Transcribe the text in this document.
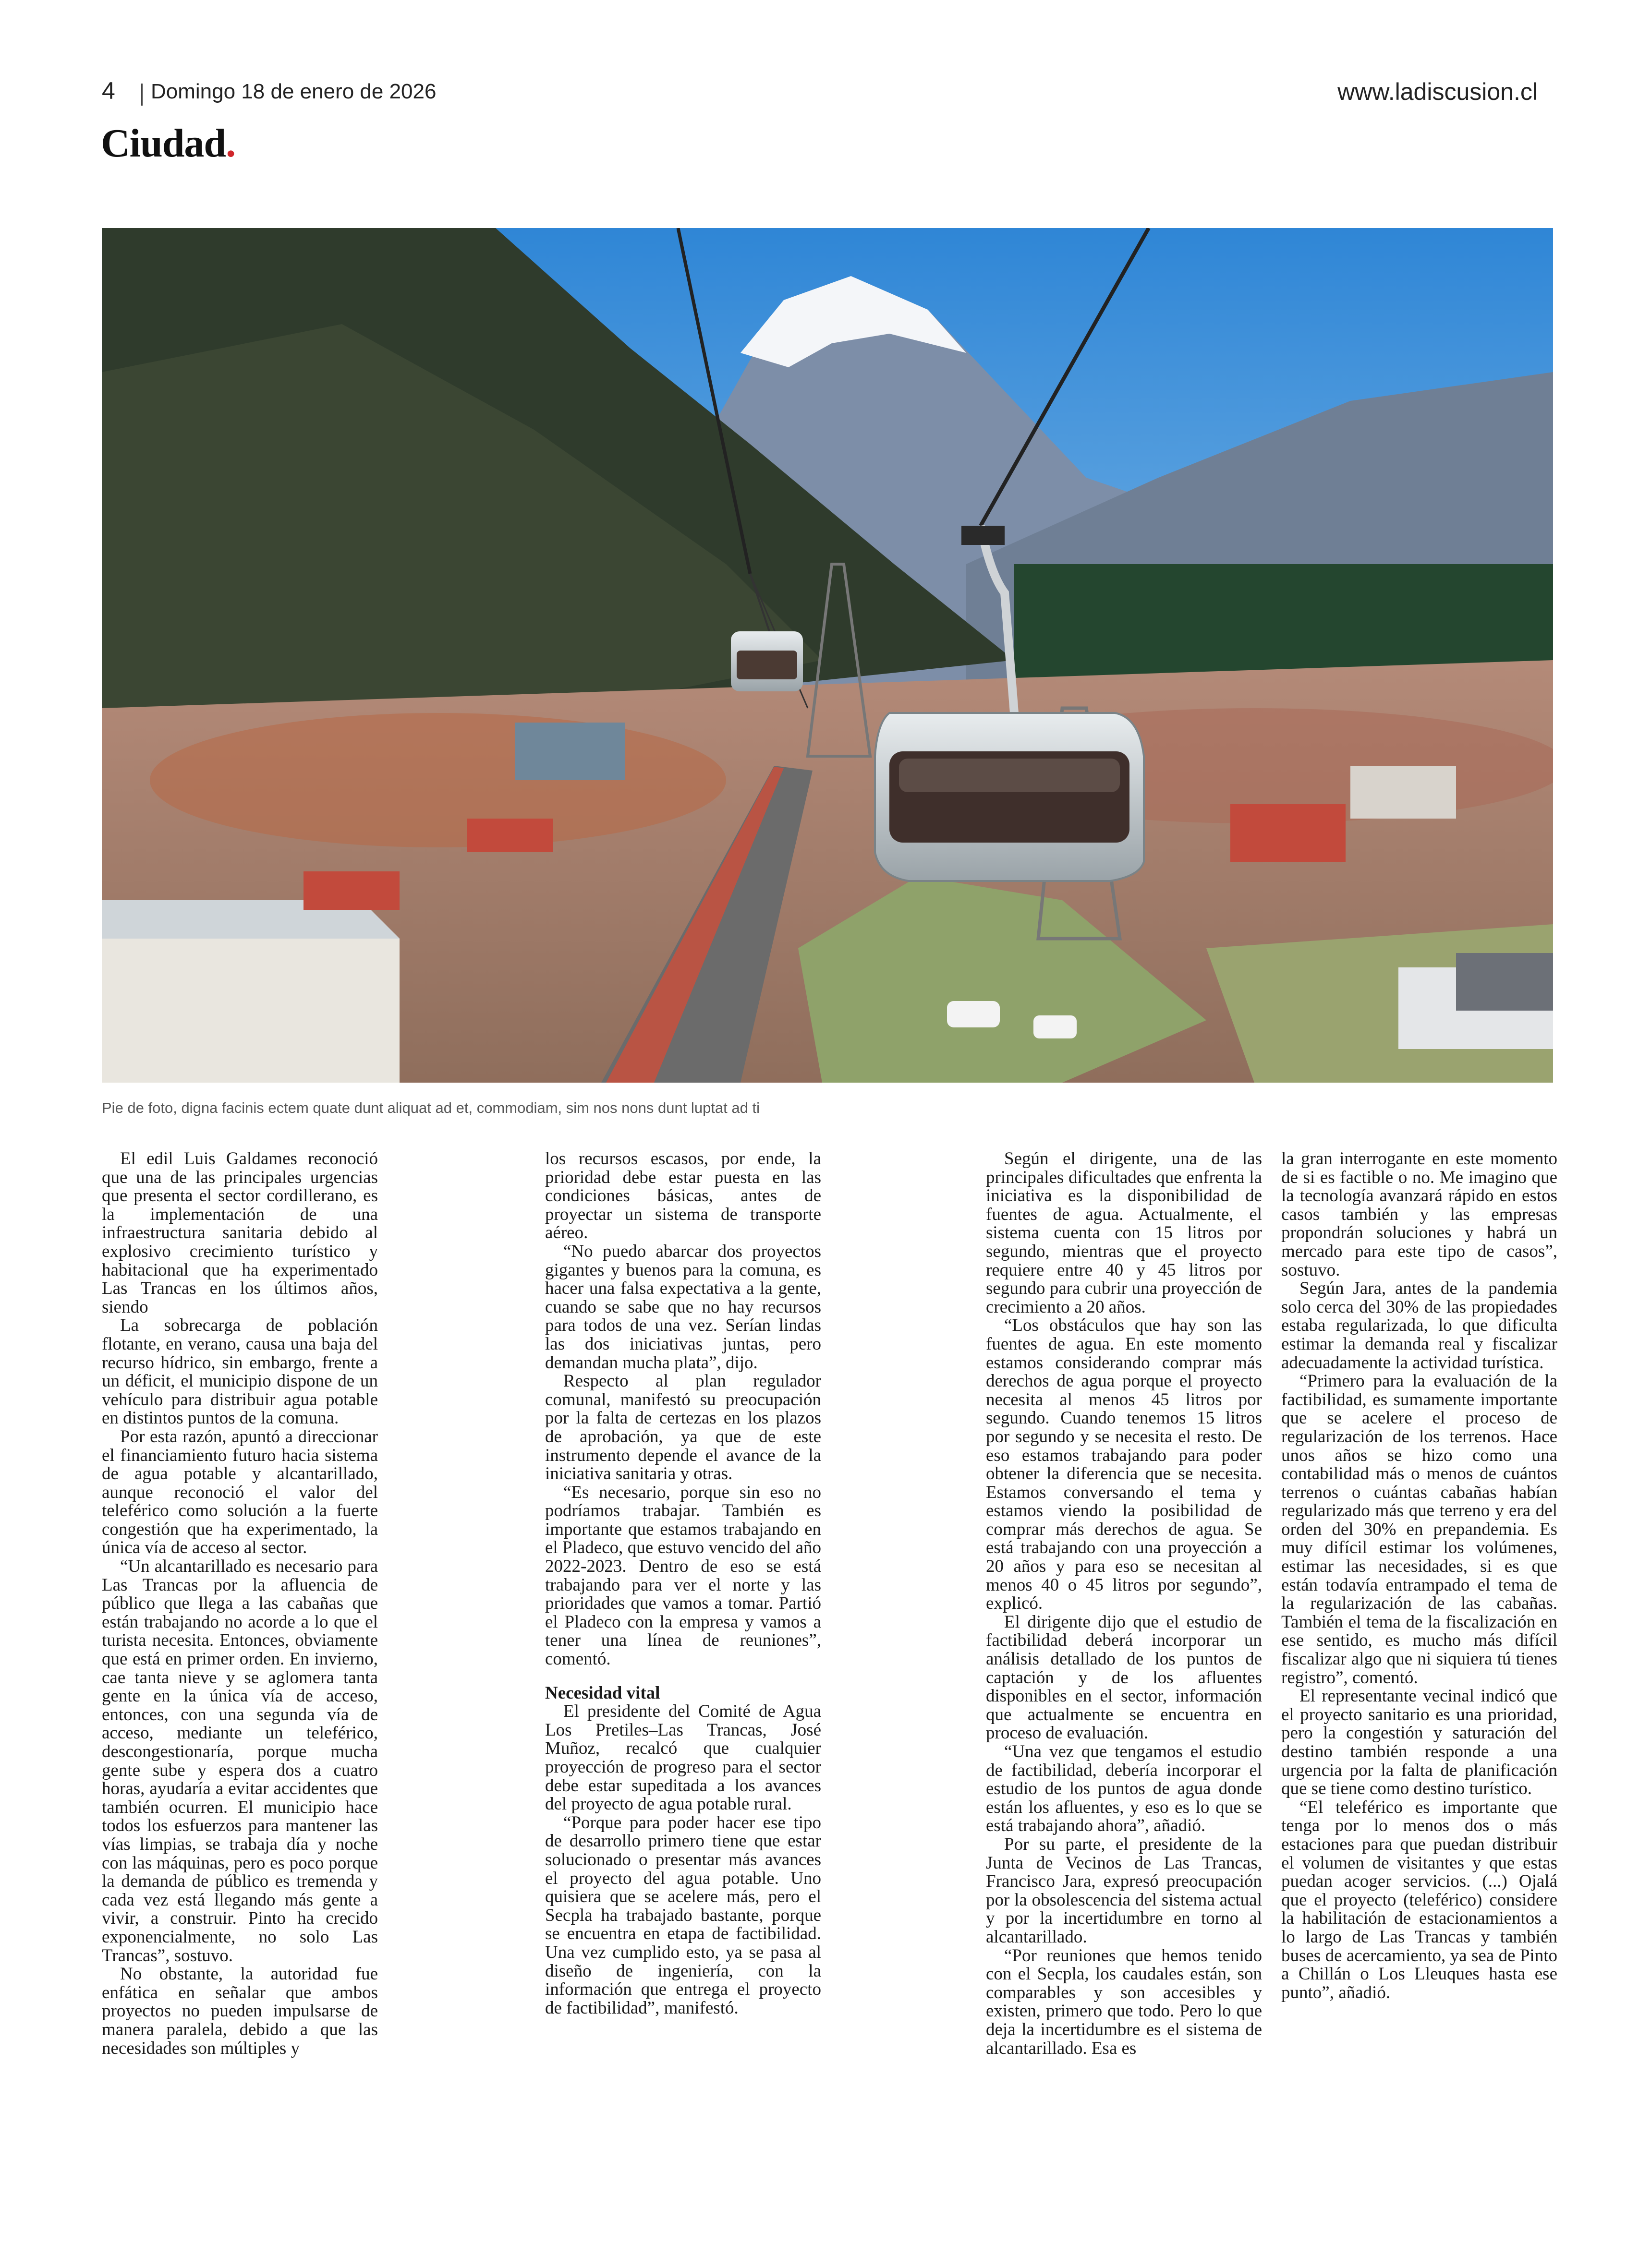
4 Domingo 18 de enero de 2026	www.ladiscusion.cl
Ciudad.
Pie de foto, digna facinis ectem quate dunt aliquat ad et, commodiam, sim nos nons dunt luptat ad ti

El edil Luis Galdames reconoció que una de las principales urgencias que presenta el sector cordillerano, es la implementación de una infraestructura sanitaria debido al explosivo crecimiento turístico y habitacional que ha experimentado Las Trancas en los últimos años, siendo

La sobrecarga de población flotante, en verano, causa una baja del recurso hídrico, sin embargo, frente a un déficit, el municipio dispone de un vehículo para distribuir agua potable en distintos puntos de la comuna.

Por esta razón, apuntó a direccionar el financiamiento futuro hacia sistema de agua potable y alcantarillado, aunque reconoció el valor del teleférico como solución a la fuerte congestión que ha experimentado, la única vía de acceso al sector.

“Un alcantarillado es necesario para Las Trancas por la afluencia de público que llega a las cabañas que están trabajando no acorde a lo que el turista necesita. Entonces, obviamente que está en primer orden. En invierno, cae tanta nieve y se aglomera tanta gente en la única vía de acceso, entonces, con una segunda vía de acceso, mediante un teleférico, descongestionaría, porque mucha gente sube y espera dos a cuatro horas, ayudaría a evitar accidentes que también ocurren. El municipio hace todos los esfuerzos para mantener las vías limpias, se trabaja día y noche con las máquinas, pero es poco porque la demanda de público es tremenda y cada vez está llegando más gente a vivir, a construir. Pinto ha crecido exponencialmente, no solo Las Trancas”, sostuvo.

No obstante, la autoridad fue enfática en señalar que ambos proyectos no pueden impulsarse de manera paralela, debido a que las necesidades son múltiples y

los recursos escasos, por ende, la prioridad debe estar puesta en las condiciones básicas, antes de proyectar un sistema de transporte aéreo.

“No puedo abarcar dos proyectos gigantes y buenos para la comuna, es hacer una falsa expectativa a la gente, cuando se sabe que no hay recursos para todos de una vez. Serían lindas las dos iniciativas juntas, pero demandan mucha plata”, dijo.

Respecto al plan regulador comunal, manifestó su preocupación por la falta de certezas en los plazos de aprobación, ya que de este instrumento depende el avance de la iniciativa sanitaria y otras.

“Es necesario, porque sin eso no podríamos trabajar. También es importante que estamos trabajando en el Pladeco, que estuvo vencido del año 2022-2023. Dentro de eso se está trabajando para ver el norte y las prioridades que vamos a tomar. Partió el Pladeco con la empresa y vamos a tener una línea de reuniones”, comentó.

Necesidad vital

El presidente del Comité de Agua Los Pretiles–Las Trancas, José Muñoz, recalcó que cualquier proyección de progreso para el sector debe estar supeditada a los avances del proyecto de agua potable rural.

“Porque para poder hacer ese tipo de desarrollo primero tiene que estar solucionado o presentar más avances el proyecto del agua potable. Uno quisiera que se acelere más, pero el Secpla ha trabajado bastante, porque se encuentra en etapa de factibilidad. Una vez cumplido esto, ya se pasa al diseño de ingeniería, con la información que entrega el proyecto de factibilidad”, manifestó.

Según el dirigente, una de las principales dificultades que enfrenta la iniciativa es la disponibilidad de fuentes de agua. Actualmente, el sistema cuenta con 15 litros por segundo, mientras que el proyecto requiere entre 40 y 45 litros por segundo para cubrir una proyección de crecimiento a 20 años.

“Los obstáculos que hay son las fuentes de agua. En este momento estamos considerando comprar más derechos de agua porque el proyecto necesita al menos 45 litros por segundo. Cuando tenemos 15 litros por segundo y se necesita el resto. De eso estamos trabajando para poder obtener la diferencia que se necesita. Estamos conversando el tema y estamos viendo la posibilidad de comprar más derechos de agua. Se está trabajando con una proyección a 20 años y para eso se necesitan al menos 40 o 45 litros por segundo”, explicó.

El dirigente dijo que el estudio de factibilidad deberá incorporar un análisis detallado de los puntos de captación y de los afluentes disponibles en el sector, información que actualmente se encuentra en proceso de evaluación.

“Una vez que tengamos el estudio de factibilidad, debería incorporar el estudio de los puntos de agua donde están los afluentes, y eso es lo que se está trabajando ahora”, añadió.

Por su parte, el presidente de la Junta de Vecinos de Las Trancas, Francisco Jara, expresó preocupación por la obsolescencia del sistema actual y por la incertidumbre en torno al alcantarillado.

“Por reuniones que hemos tenido con el Secpla, los caudales están, son comparables y son accesibles y existen, primero que todo. Pero lo que deja la incertidumbre es el sistema de alcantarillado. Esa es

la gran interrogante en este momento de si es factible o no. Me imagino que la tecnología avanzará rápido en estos casos también y las empresas propondrán soluciones y habrá un mercado para este tipo de casos”, sostuvo.

Según Jara, antes de la pandemia solo cerca del 30% de las propiedades estaba regularizada, lo que dificulta estimar la demanda real y fiscalizar adecuadamente la actividad turística.

“Primero para la evaluación de la factibilidad, es sumamente importante que se acelere el proceso de regularización de los terrenos. Hace unos años se hizo como una contabilidad más o menos de cuántos terrenos o cuántas cabañas habían regularizado más que terreno y era del orden del 30% en prepandemia. Es muy difícil estimar los volúmenes, estimar las necesidades, si es que están todavía entrampado el tema de la regularización de las cabañas. También el tema de la fiscalización en ese sentido, es mucho más difícil fiscalizar algo que ni siquiera tú tienes registro”, comentó.

El representante vecinal indicó que el proyecto sanitario es una prioridad, pero la congestión y saturación del destino también responde a una urgencia por la falta de planificación que se tiene como destino turístico.

“El teleférico es importante que tenga por lo menos dos o más estaciones para que puedan distribuir el volumen de visitantes y que estas puedan acoger servicios. (...) Ojalá que el proyecto (teleférico) considere la habilitación de estacionamientos a lo largo de Las Trancas y también buses de acercamiento, ya sea de Pinto a Chillán o Los Lleuques hasta ese punto”, añadió.
